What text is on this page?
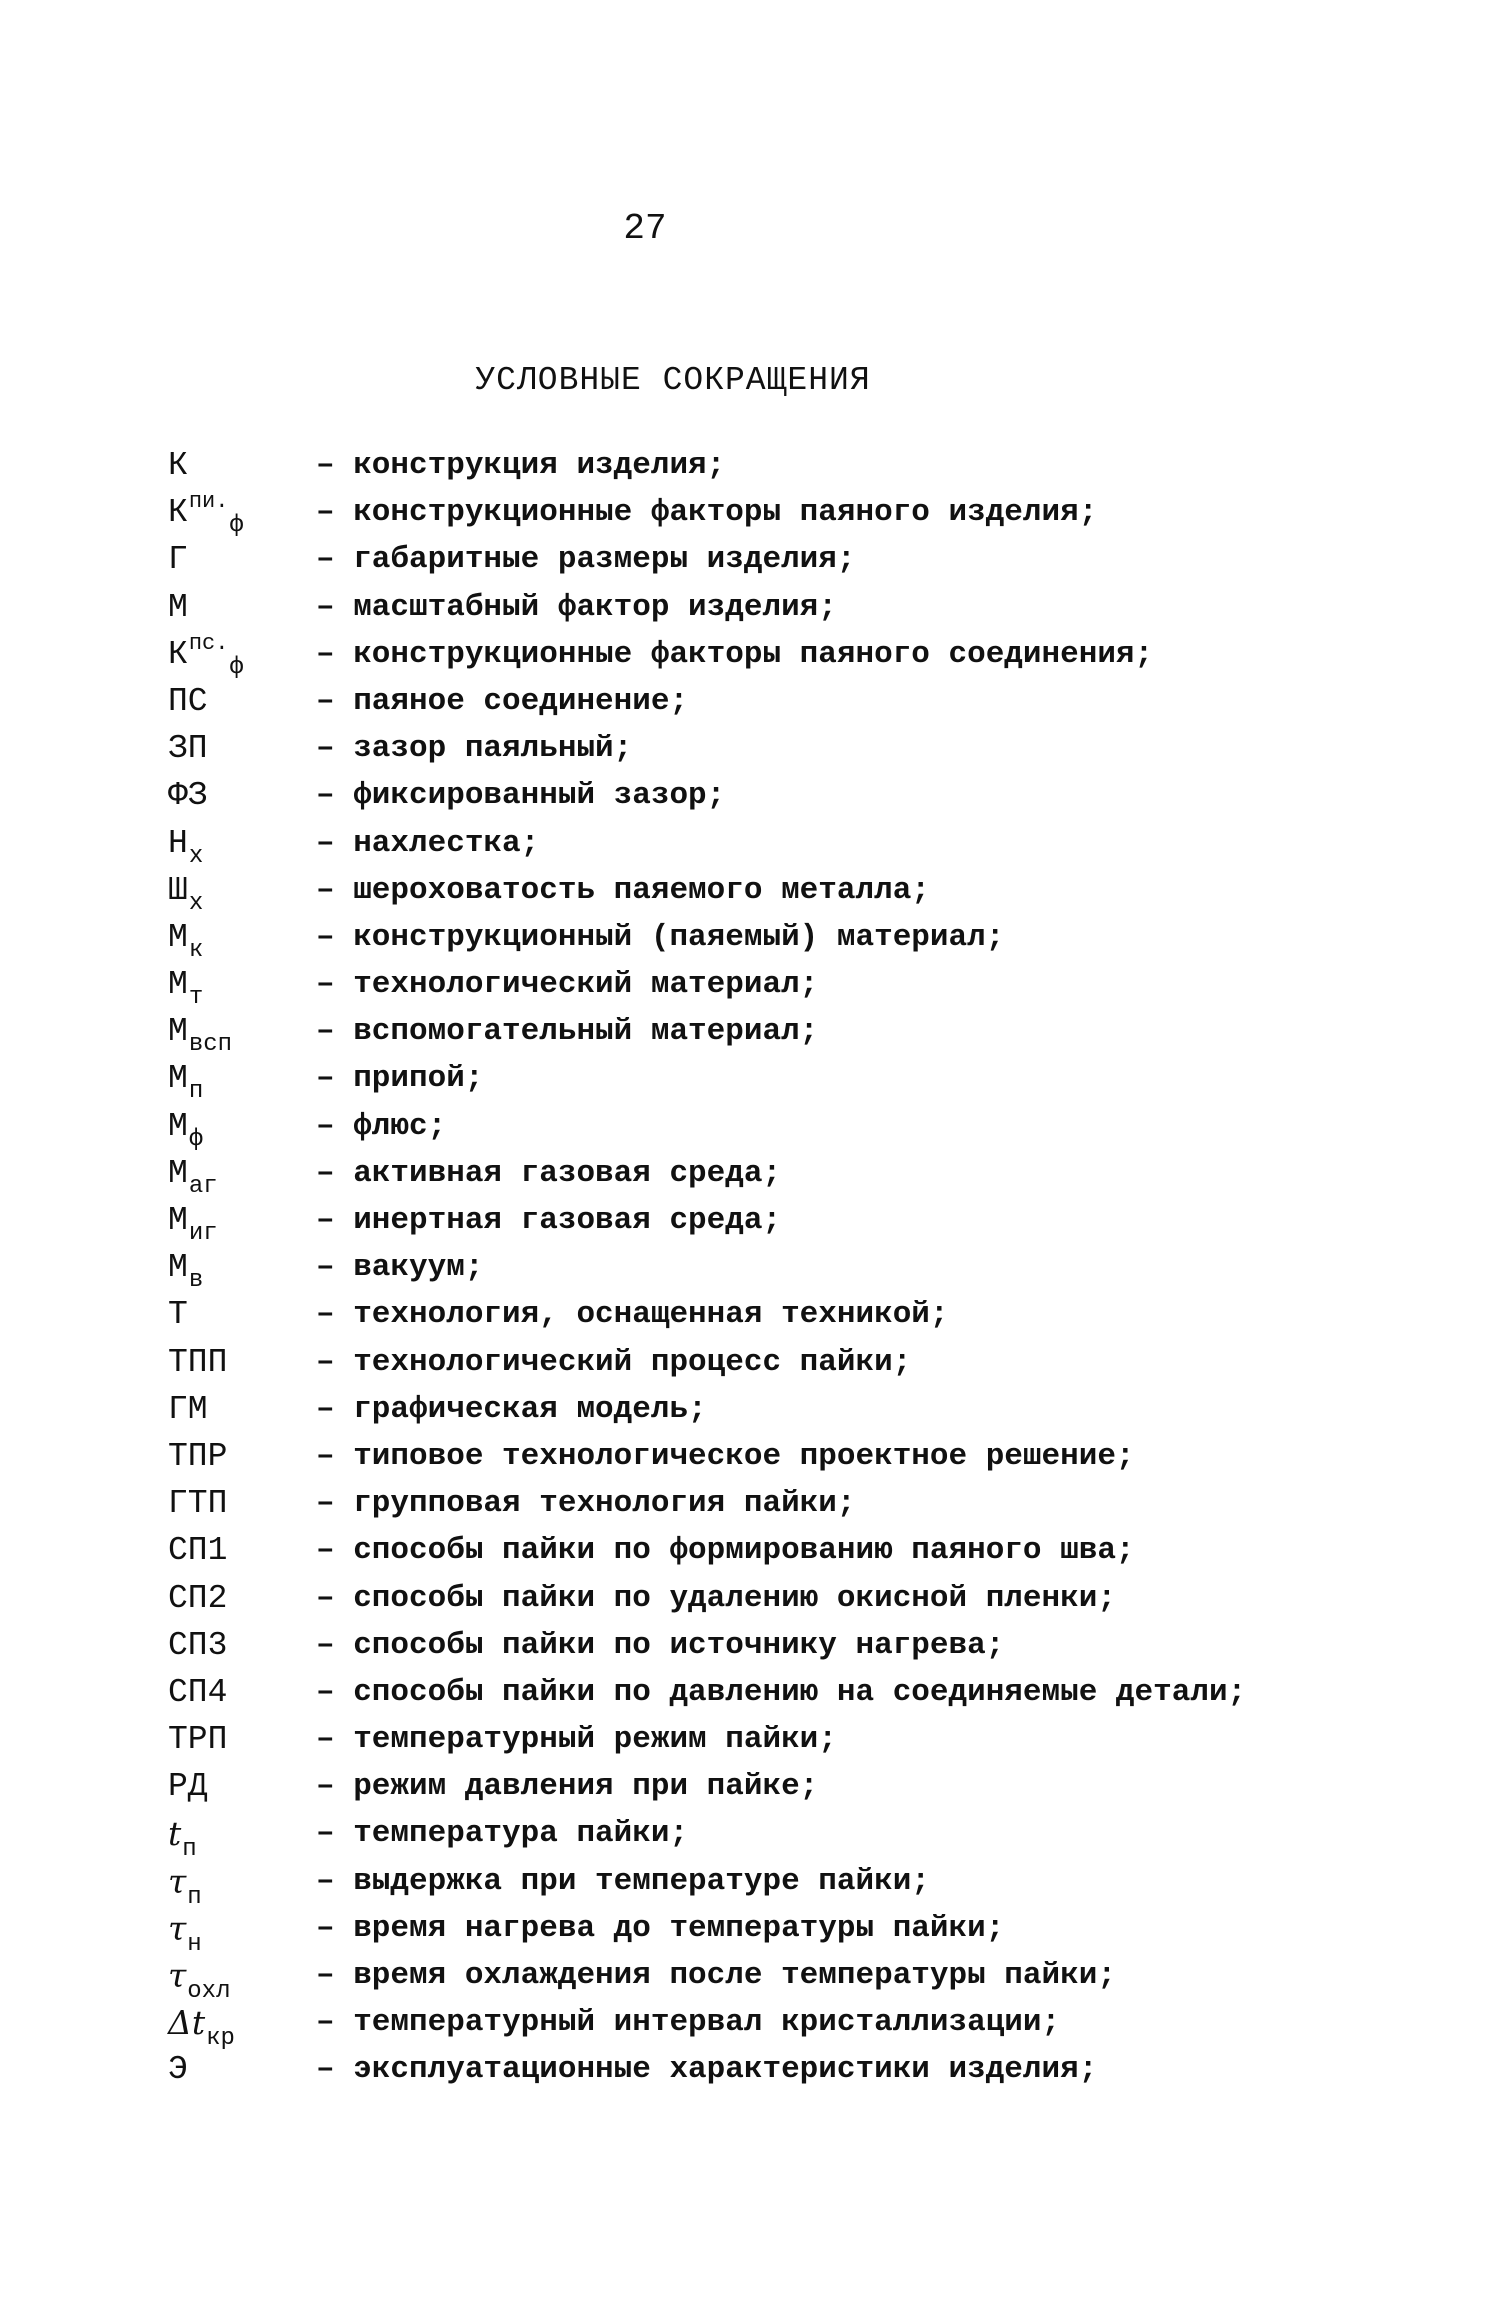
27
УСЛОВНЫЕ СОКРАЩЕНИЯ
К	– конструкция изделия;
$К^{пи.}_ф$	– конструкционные факторы паяного изделия;
Г	– габаритные размеры изделия;
М	– масштабный фактор изделия;
$К^{пс.}_ф$	– конструкционные факторы паяного соединения;
ПС	– паяное соединение;
ЗП	– зазор паяльный;
ФЗ	– фиксированный зазор;
$Н_х$	– нахлестка;
$Ш_х$	– шероховатость паяемого металла;
$М_к$	– конструкционный (паяемый) материал;
$М_т$	– технологический материал;
$М_{всп}$	– вспомогательный материал;
$М_п$	– припой;
$М_ф$	– флюс;
$М_{аг}$	– активная газовая среда;
$М_{иг}$	– инертная газовая среда;
$М_в$	– вакуум;
Т	– технология, оснащенная техникой;
ТПП	– технологический процесс пайки;
ГМ	– графическая модель;
ТПР	– типовое технологическое проектное решение;
ГТП	– групповая технология пайки;
СП1	– способы пайки по формированию паяного шва;
СП2	– способы пайки по удалению окисной пленки;
СП3	– способы пайки по источнику нагрева;
СП4	– способы пайки по давлению на соединяемые детали;
ТРП	– температурный режим пайки;
РД	– режим давления при пайке;
$t_п$	– температура пайки;
$\tau_п$	– выдержка при температуре пайки;
$\tau_н$	– время нагрева до температуры пайки;
$\tau_{охл}$	– время охлаждения после температуры пайки;
$\Delta t_{кр}$	– температурный интервал кристаллизации;
Э	– эксплуатационные характеристики изделия;
